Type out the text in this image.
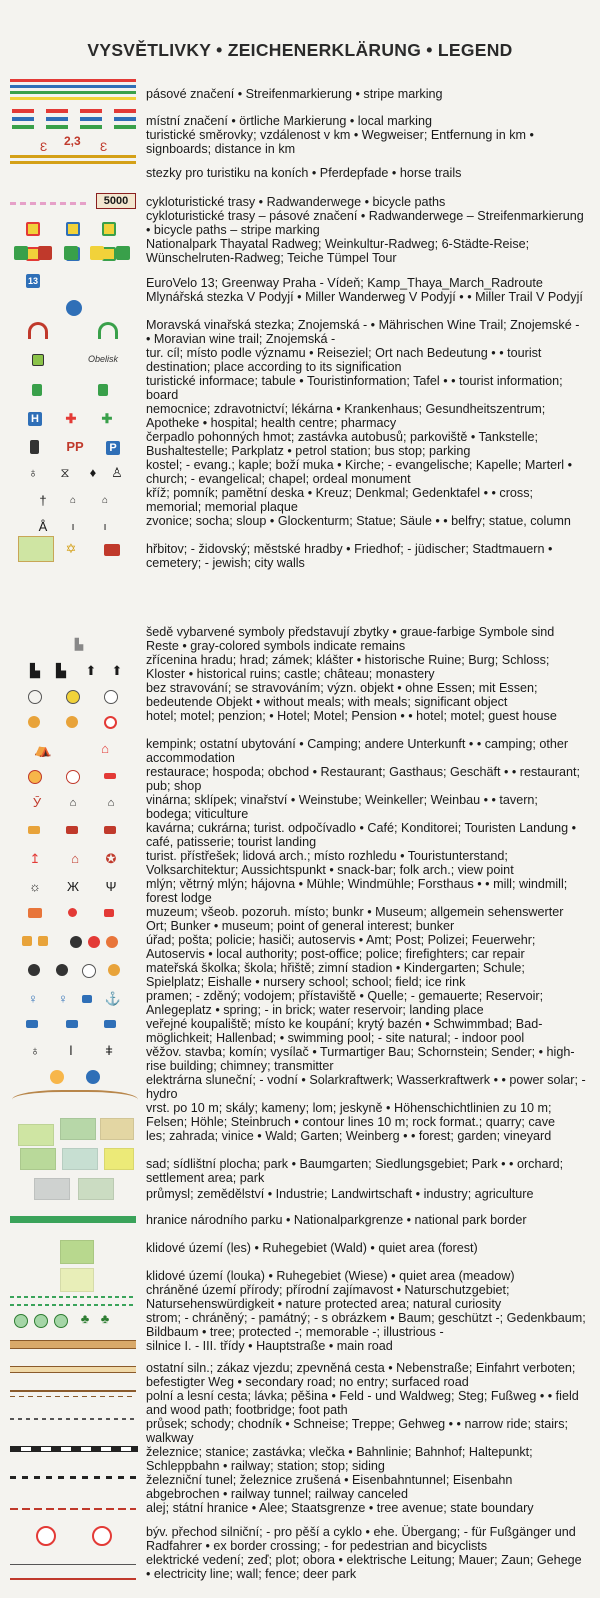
VYSVĚTLIVKY • ZEICHENERKLÄRUNG • LEGEND
2,3
Ɛ	Ɛ
5000
13
Obelisk
H ✚ ✚
PP	P
♁	⧖	♦	♙
†	⌂	⌂
Å	ı	ı
✡
▙
▙	▙	⬆ ⬆
⛺	⌂
Ӯ	⌂	⌂
↥	⌂	✪
☼ Ж Ψ
♀	♀	⚓
♁	ǀ	ǂ
♣ ♣
pásové značení • Streifenmarkierung • stripe marking
místní značení • örtliche Markierung • local marking
turistické směrovky; vzdálenost v km • Wegweiser; Entfernung in km • signboards; distance in km
stezky pro turistiku na koních • Pferdepfade • horse trails
cykloturistické trasy • Radwanderwege • bicycle paths
cykloturistické trasy – pásové značení • Radwanderwege – Streifenmarkierung • bicycle paths – stripe marking
Nationalpark Thayatal Radweg; Weinkultur-Radweg; 6-Städte-Reise; Wünschelruten-Radweg; Teiche Tümpel Tour
EuroVelo 13; Greenway Praha - Vídeň; Kamp_Thaya_March_Radroute
Mlynářská stezka V Podyjí • Miller Wanderweg V Podyjí • • Miller Trail V Podyjí
Moravská vinařská stezka; Znojemská - • Mährischen Wine Trail; Znojemské - • Moravian wine trail; Znojemská -
tur. cíl; místo podle významu • Reiseziel; Ort nach Bedeutung • • tourist destination; place according to its signification
turistické informace; tabule • Touristinformation; Tafel • • tourist information; board
nemocnice; zdravotnictví; lékárna • Krankenhaus; Gesundheitszentrum; Apotheke • hospital; health centre; pharmacy
čerpadlo pohonných hmot; zastávka autobusů; parkoviště • Tankstelle; Bushaltestelle; Parkplatz • petrol station; bus stop; parking
kostel; - evang.; kaple; boží muka • Kirche; - evangelische; Kapelle; Marterl • church; - evangelical; chapel; ordeal monument
kříž; pomník; pamětní deska • Kreuz; Denkmal; Gedenktafel • • cross; memorial; memorial plaque
zvonice; socha; sloup • Glockenturm; Statue; Säule • • belfry; statue, column
hřbitov; - židovský; městské hradby • Friedhof; - jüdischer; Stadtmauern • cemetery; - jewish; city walls
šedě vybarvené symboly představují zbytky • graue-farbige Symbole sind Reste • gray-colored symbols indicate remains
zřícenina hradu; hrad; zámek; klášter • historische Ruine; Burg; Schloss; Kloster • historical ruins; castle; château; monastery
bez stravování; se stravováním; význ. objekt • ohne Essen; mit Essen; bedeutende Objekt • without meals; with meals; significant object
hotel; motel; penzion; • Hotel; Motel; Pension • • hotel; motel; guest house
kempink; ostatní ubytování • Camping; andere Unterkunft • • camping; other accommodation
restaurace; hospoda; obchod • Restaurant; Gasthaus; Geschäft • • restaurant; pub; shop
vinárna; sklípek; vinařství • Weinstube; Weinkeller; Weinbau • • tavern; bodega; viticulture
kavárna; cukrárna; turist. odpočívadlo • Café; Konditorei; Touristen Landung • café, patisserie; tourist landing
turist. přístřešek; lidová arch.; místo rozhledu • Touristunterstand; Volksarchitektur; Aussichtspunkt • snack-bar; folk arch.; view point
mlýn; větrný mlýn; hájovna • Mühle; Windmühle; Forsthaus • • mill; windmill; forest lodge
muzeum; všeob. pozoruh. místo; bunkr • Museum; allgemein sehenswerter Ort; Bunker • museum; point of general interest; bunker
úřad; pošta; policie; hasiči; autoservis • Amt; Post; Polizei; Feuerwehr; Autoservis • local authority; post-office; police; firefighters; car repair
mateřská školka; škola; hřiště; zimní stadion • Kindergarten; Schule; Spielplatz; Eishalle • nursery school; school; field; ice rink
pramen; - zděný; vodojem; přístaviště • Quelle; - gemauerte; Reservoir; Anlegeplatz • spring; - in brick; water reservoir; landing place
veřejné koupaliště; místo ke koupání; krytý bazén • Schwimmbad; Bad-möglichkeit; Hallenbad; • swimming pool; - site natural; - indoor pool
věžov. stavba; komín; vysílač • Turmartiger Bau; Schornstein; Sender; • high-rise building; chimney; transmitter
elektrárna sluneční; - vodní • Solarkraftwerk; Wasserkraftwerk • • power solar; - hydro
vrst. po 10 m; skály; kameny; lom; jeskyně • Höhenschichtlinien zu 10 m; Felsen; Höhle; Steinbruch • contour lines 10 m; rock format.; quarry; cave
les; zahrada; vinice • Wald; Garten; Weinberg • • forest; garden; vineyard
sad; sídlištní plocha; park • Baumgarten; Siedlungsgebiet; Park • • orchard; settlement area; park
průmysl; zemědělství • Industrie; Landwirtschaft • industry; agriculture
hranice národního parku • Nationalparkgrenze • national park border
klidové území (les) • Ruhegebiet (Wald) • quiet area (forest)
klidové území (louka) • Ruhegebiet (Wiese) • quiet area (meadow)
chráněné území přírody; přírodní zajímavost • Naturschutzgebiet; Natursehenswürdigkeit • nature protected area; natural curiosity
strom; - chráněný; - památný; - s obrázkem • Baum; geschützt -; Gedenkbaum; Bildbaum • tree; protected -; memorable -; illustrious -
silnice I. - III. třídy • Hauptstraße • main road
ostatní siln.; zákaz vjezdu; zpevněná cesta • Nebenstraße; Einfahrt verboten; befestigter Weg • secondary road; no entry; surfaced road
polní a lesní cesta; lávka; pěšina • Feld - und Waldweg; Steg; Fußweg • • field and wood path; footbridge; foot path
průsek; schody; chodník • Schneise; Treppe; Gehweg • • narrow ride; stairs; walkway
železnice; stanice; zastávka; vlečka • Bahnlinie; Bahnhof; Haltepunkt; Schleppbahn • railway; station; stop; siding
železniční tunel; železnice zrušená • Eisenbahntunnel; Eisenbahn abgebrochen • railway tunnel; railway canceled
alej; státní hranice • Alee; Staatsgrenze • tree avenue; state boundary
býv. přechod silniční; - pro pěší a cyklo • ehe. Übergang; - für Fußgänger und Radfahrer • ex border crossing; - for pedestrian and bicyclists
elektrické vedení; zeď; plot; obora • elektrische Leitung; Mauer; Zaun; Gehege • electricity line; wall; fence; deer park
